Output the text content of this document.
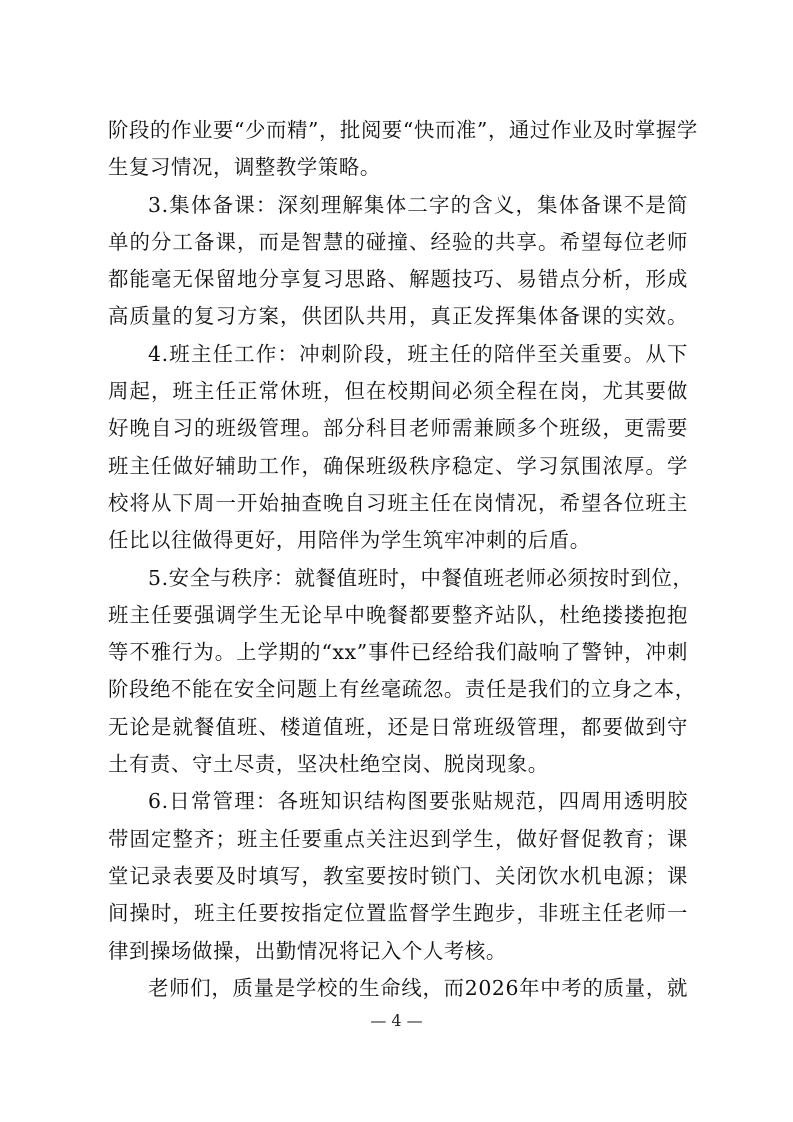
阶段的作业要“少而精”，批阅要“快而准”，通过作业及时掌握学
生复习情况，调整教学策略。
3.集体备课：深刻理解集体二字的含义，集体备课不是简
单的分工备课，而是智慧的碰撞、经验的共享。希望每位老师
都能毫无保留地分享复习思路、解题技巧、易错点分析，形成
高质量的复习方案，供团队共用，真正发挥集体备课的实效。
4.班主任工作：冲刺阶段，班主任的陪伴至关重要。从下
周起，班主任正常休班，但在校期间必须全程在岗，尤其要做
好晚自习的班级管理。部分科目老师需兼顾多个班级，更需要
班主任做好辅助工作，确保班级秩序稳定、学习氛围浓厚。学
校将从下周一开始抽查晚自习班主任在岗情况，希望各位班主
任比以往做得更好，用陪伴为学生筑牢冲刺的后盾。
5.安全与秩序：就餐值班时，中餐值班老师必须按时到位，
班主任要强调学生无论早中晚餐都要整齐站队，杜绝搂搂抱抱
等不雅行为。上学期的“xx”事件已经给我们敲响了警钟，冲刺
阶段绝不能在安全问题上有丝毫疏忽。责任是我们的立身之本，
无论是就餐值班、楼道值班，还是日常班级管理，都要做到守
土有责、守土尽责，坚决杜绝空岗、脱岗现象。
6.日常管理：各班知识结构图要张贴规范，四周用透明胶
带固定整齐；班主任要重点关注迟到学生，做好督促教育；课
堂记录表要及时填写，教室要按时锁门、关闭饮水机电源；课
间操时，班主任要按指定位置监督学生跑步，非班主任老师一
律到操场做操，出勤情况将记入个人考核。
老师们，质量是学校的生命线，而2026年中考的质量，就
— 4 —
